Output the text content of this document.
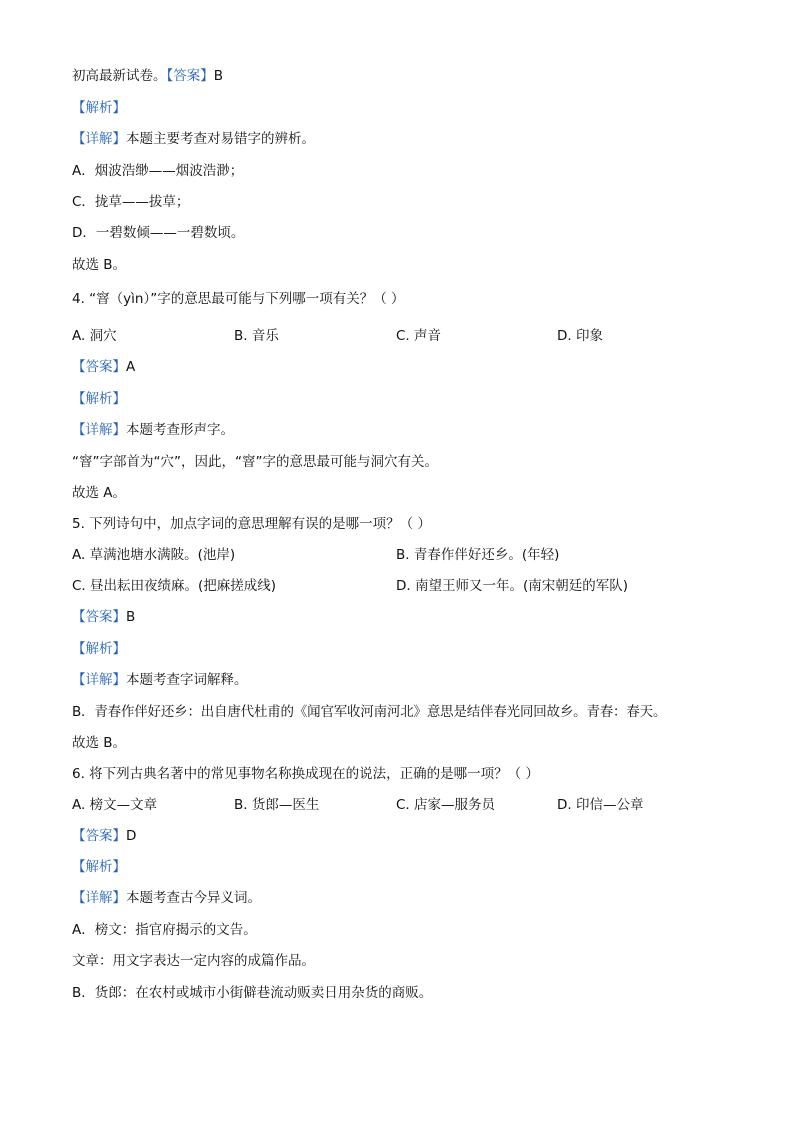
初高最新试卷。【答案】B
【解析】
【详解】本题主要考查对易错字的辨析。
A．烟波浩缈——烟波浩渺；
C．拢草——拔草；
D．一碧数倾——一碧数顷。
故选 B。
4. “窨（yìn）”字的意思最可能与下列哪一项有关？（ ）
A. 洞穴	B. 音乐	C. 声音	D. 印象
【答案】A
【解析】
【详解】本题考查形声字。
“窨”字部首为“穴”，因此，“窨”字的意思最可能与洞穴有关。
故选 A。
5. 下列诗句中，加点字词的意思理解有误的是哪一项？（ ）
A. 草满池塘水满陂。(池岸)	B. 青春作伴好还乡。(年轻)
C. 昼出耘田夜绩麻。(把麻搓成线)	D. 南望王师又一年。(南宋朝廷的军队)
【答案】B
【解析】
【详解】本题考查字词解释。
B．青春作伴好还乡：出自唐代杜甫的《闻官军收河南河北》意思是结伴春光同回故乡。青春：春天。
故选 B。
6. 将下列古典名著中的常见事物名称换成现在的说法，正确的是哪一项？（ ）
A. 榜文—文章	B. 货郎—医生	C. 店家—服务员	D. 印信—公章
【答案】D
【解析】
【详解】本题考查古今异义词。
A．榜文：指官府揭示的文告。
文章：用文字表达一定内容的成篇作品。
B．货郎：在农村或城市小街僻巷流动贩卖日用杂货的商贩。
